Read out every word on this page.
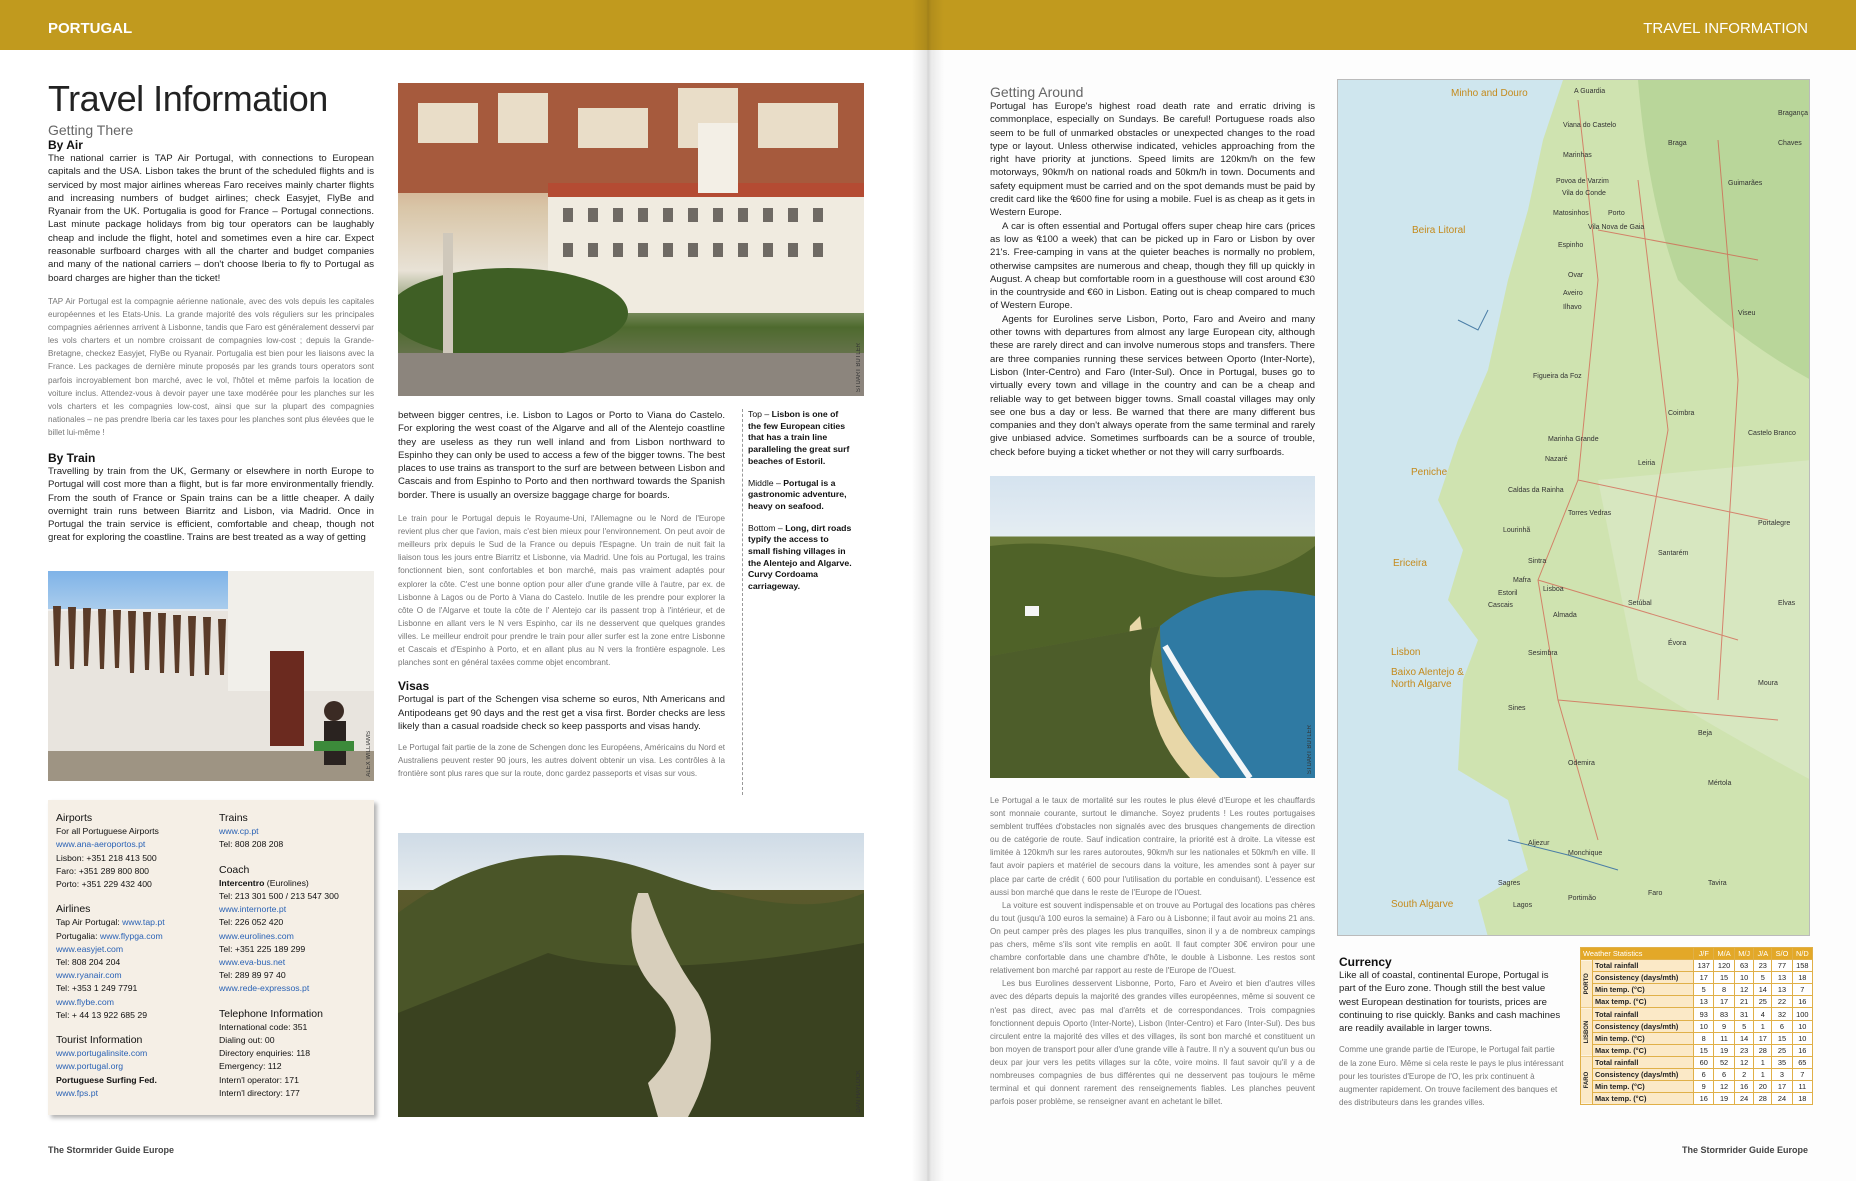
PORTUGAL
Travel Information
Getting There
By Air
The national carrier is TAP Air Portugal, with connections to European capitals and the USA. Lisbon takes the brunt of the scheduled flights and is serviced by most major airlines whereas Faro receives mainly charter flights and increasing numbers of budget airlines; check Easyjet, FlyBe and Ryanair from the UK. Portugalia is good for France – Portugal connections. Last minute package holidays from big tour operators can be laughably cheap and include the flight, hotel and sometimes even a hire car. Expect reasonable surfboard charges with all the charter and budget companies and many of the national carriers – don't choose Iberia to fly to Portugal as board charges are higher than the ticket!
TAP Air Portugal est la compagnie aérienne nationale, avec des vols depuis les capitales européennes et les Etats-Unis. La grande majorité des vols réguliers sur les principales compagnies aériennes arrivent à Lisbonne, tandis que Faro est généralement desservi par les vols charters et un nombre croissant de compagnies low-cost ; depuis la Grande-Bretagne, checkez Easyjet, FlyBe ou Ryanair. Portugalia est bien pour les liaisons avec la France. Les packages de dernière minute proposés par les grands tours operators sont parfois incroyablement bon marché, avec le vol, l'hôtel et même parfois la location de voiture inclus. Attendez-vous à devoir payer une taxe modérée pour les planches sur les vols charters et les compagnies low-cost, ainsi que sur la plupart des compagnies nationales – ne pas prendre Iberia car les taxes pour les planches sont plus élevées que le billet lui-même !
By Train
Travelling by train from the UK, Germany or elsewhere in north Europe to Portugal will cost more than a flight, but is far more environmentally friendly. From the south of France or Spain trains can be a little cheaper. A daily overnight train runs between Biarritz and Lisbon, via Madrid. Once in Portugal the train service is efficient, comfortable and cheap, though not great for exploring the coastline. Trains are best treated as a way of getting
ALEX WILLIAMS
Airports
For all Portuguese Airports
www.ana-aeroportos.pt
Lisbon: +351 218 413 500
Faro: +351 289 800 800
Porto: +351 229 432 400
Airlines
Tap Air Portugal: www.tap.pt
Portugalia: www.flypga.com
www.easyjet.com
Tel: 808 204 204
www.ryanair.com
Tel: +353 1 249 7791
www.flybe.com
Tel: + 44 13 922 685 29
Tourist Information
www.portugalinsite.com
www.portugal.org
Portuguese Surfing Fed.
www.fps.pt
Trains
www.cp.pt
Tel: 808 208 208
Coach
Intercentro (Eurolines)
Tel: 213 301 500 / 213 547 300
www.internorte.pt
Tel: 226 052 420
www.eurolines.com
Tel: +351 225 189 299
www.eva-bus.net
Tel: 289 89 97 40
www.rede-expressos.pt
Telephone Information
International code: 351
Dialing out: 00
Directory enquiries: 118
Emergency: 112
Intern'l operator: 171
Intern'l directory: 177
STUART BUTLER
between bigger centres, i.e. Lisbon to Lagos or Porto to Viana do Castelo. For exploring the west coast of the Algarve and all of the Alentejo coastline they are useless as they run well inland and from Lisbon northward to Espinho they can only be used to access a few of the bigger towns. The best places to use trains as transport to the surf are between between Lisbon and Cascais and from Espinho to Porto and then northward towards the Spanish border. There is usually an oversize baggage charge for boards.
Le train pour le Portugal depuis le Royaume-Uni, l'Allemagne ou le Nord de l'Europe revient plus cher que l'avion, mais c'est bien mieux pour l'environnement. On peut avoir de meilleurs prix depuis le Sud de la France ou depuis l'Espagne. Un train de nuit fait la liaison tous les jours entre Biarritz et Lisbonne, via Madrid. Une fois au Portugal, les trains fonctionnent bien, sont confortables et bon marché, mais pas vraiment adaptés pour explorer la côte. C'est une bonne option pour aller d'une grande ville à l'autre, par ex. de Lisbonne à Lagos ou de Porto à Viana do Castelo. Inutile de les prendre pour explorer la côte O de l'Algarve et toute la côte de l' Alentejo car ils passent trop à l'intérieur, et de Lisbonne en allant vers le N vers Espinho, car ils ne desservent que quelques grandes villes. Le meilleur endroit pour prendre le train pour aller surfer est la zone entre Lisbonne et Cascais et d'Espinho à Porto, et en allant plus au N vers la frontière espagnole. Les planches sont en général taxées comme objet encombrant.
Visas
Portugal is part of the Schengen visa scheme so euros, Nth Americans and Antipodeans get 90 days and the rest get a visa first. Border checks are less likely than a casual roadside check so keep passports and visas handy.
Le Portugal fait partie de la zone de Schengen donc les Européens, Américains du Nord et Australiens peuvent rester 90 jours, les autres doivent obtenir un visa. Les contrôles à la frontière sont plus rares que sur la route, donc gardez passeports et visas sur vous.

Top – Lisbon is one of the few European cities that has a train line paralleling the great surf beaches of Estoril.

Middle – Portugal is a gastronomic adventure, heavy on seafood.

Bottom – Long, dirt roads typify the access to small fishing villages in the Alentejo and Algarve. Curvy Cordoama carriageway.

DAN HAYLOCK
The Stormrider Guide Europe
TRAVEL INFORMATION
Getting Around
Portugal has Europe's highest road death rate and erratic driving is commonplace, especially on Sundays. Be careful! Portuguese roads also seem to be full of unmarked obstacles or unexpected changes to the road type or layout. Unless otherwise indicated, vehicles approaching from the right have priority at junctions. Speed limits are 120km/h on the few motorways, 90km/h on national roads and 50km/h in town. Documents and safety equipment must be carried and on the spot demands must be paid by credit card like the ₠600 fine for using a mobile. Fuel is as cheap as it gets in Western Europe.
A car is often essential and Portugal offers super cheap hire cars (prices as low as ₠100 a week) that can be picked up in Faro or Lisbon by over 21's. Free-camping in vans at the quieter beaches is normally no problem, otherwise campsites are numerous and cheap, though they fill up quickly in August. A cheap but comfortable room in a guesthouse will cost around €30 in the countryside and €60 in Lisbon. Eating out is cheap compared to much of Western Europe.
Agents for Eurolines serve Lisbon, Porto, Faro and Aveiro and many other towns with departures from almost any large European city, although these are rarely direct and can involve numerous stops and transfers. There are three companies running these services between Oporto (Inter-Norte), Lisbon (Inter-Centro) and Faro (Inter-Sul). Once in Portugal, buses go to virtually every town and village in the country and can be a cheap and reliable way to get between bigger towns. Small coastal villages may only see one bus a day or less. Be warned that there are many different bus companies and they don't always operate from the same terminal and rarely give unbiased advice. Sometimes surfboards can be a source of trouble, check before buying a ticket whether or not they will carry surfboards.
STUART BUTLER
Le Portugal a le taux de mortalité sur les routes le plus élevé d'Europe et les chauffards sont monnaie courante, surtout le dimanche. Soyez prudents ! Les routes portugaises semblent truffées d'obstacles non signalés avec des brusques changements de direction ou de catégorie de route. Sauf indication contraire, la priorité est à droite. La vitesse est limitée à 120km/h sur les rares autoroutes, 90km/h sur les nationales et 50km/h en ville. Il faut avoir papiers et matériel de secours dans la voiture, les amendes sont à payer sur place par carte de crédit ( 600 pour l'utilisation du portable en conduisant). L'essence est aussi bon marché que dans le reste de l'Europe de l'Ouest.
La voiture est souvent indispensable et on trouve au Portugal des locations pas chères du tout (jusqu'à 100 euros la semaine) à Faro ou à Lisbonne; il faut avoir au moins 21 ans. On peut camper près des plages les plus tranquilles, sinon il y a de nombreux campings pas chers, même s'ils sont vite remplis en août. Il faut compter 30€ environ pour une chambre confortable dans une chambre d'hôte, le double à Lisbonne. Les restos sont relativement bon marché par rapport au reste de l'Europe de l'Ouest.
Les bus Eurolines desservent Lisbonne, Porto, Faro et Aveiro et bien d'autres villes avec des départs depuis la majorité des grandes villes européennes, même si souvent ce n'est pas direct, avec pas mal d'arrêts et de correspondances. Trois compagnies fonctionnent depuis Oporto (Inter-Norte), Lisbon (Inter-Centro) et Faro (Inter-Sul). Des bus circulent entre la majorité des villes et des villages, ils sont bon marché et constituent un bon moyen de transport pour aller d'une grande ville à l'autre. Il n'y a souvent qu'un bus ou deux par jour vers les petits villages sur la côte, voire moins. Il faut savoir qu'il y a de nombreuses compagnies de bus différentes qui ne desservent pas toujours le même terminal et qui donnent rarement des renseignements fiables. Les planches peuvent parfois poser problème, se renseigner avant en achetant le billet.
Currency
Like all of coastal, continental Europe, Portugal is part of the Euro zone. Though still the best value west European destination for tourists, prices are continuing to rise quickly. Banks and cash machines are readily available in larger towns.
Comme une grande partie de l'Europe, le Portugal fait partie de la zone Euro. Même si cela reste le pays le plus intéressant pour les touristes d'Europe de l'O, les prix continuent à augmenter rapidement. On trouve facilement des banques et des distributeurs dans les grandes villes.
The Stormrider Guide Europe
Minho and Douro
Beira Litoral
Peniche
Ericeira
Lisbon
Baixo Alentejo & North Algarve
South Algarve
A Guardia
Viana do Castelo
Marinhas
Povoa de Varzim
Vila do Conde
Matosinhos	Porto
Vila Nova de Gaia
Espinho
Ovar
Aveiro
Ilhavo
Figueira da Foz
Nazaré
Marinha Grande
Leiria
Caldas da Rainha
Lourinhã
Torres Vedras
Mafra
Sintra
Estoril
Cascais
Lisboa
Almada
Setúbal
Sesimbra
Sines
Santarém
Évora
Beja
Odemira
Aljezur
Monchique
Sagres
Lagos
Portimão
Faro
Tavira
Coimbra
Braga
Guimarães
Viseu
Chaves
Bragança
Castelo Branco
Portalegre
Elvas
Moura
Mértola
Weather Statistics		J/F	M/A	M/J	J/A	S/O	N/D
PORTO	Total rainfall	137	120	63	23	77	158
	Consistency (days/mth)	17	15	10	5	13	18
	Min temp. (°C)	5	8	12	14	13	7
	Max temp. (°C)	13	17	21	25	22	16
LISBON	Total rainfall	93	83	31	4	32	100
	Consistency (days/mth)	10	9	5	1	6	10
	Min temp. (°C)	8	11	14	17	15	10
	Max temp. (°C)	15	19	23	28	25	16
FARO	Total rainfall	60	52	12	1	35	65
	Consistency (days/mth)	6	6	2	1	3	7
	Min temp. (°C)	9	12	16	20	17	11
	Max temp. (°C)	16	19	24	28	24	18
